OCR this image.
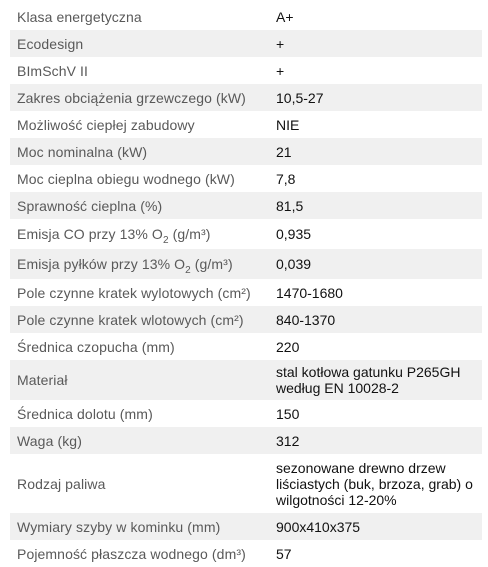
Klasa energetyczna	A+
Ecodesign	+
BImSchV II	+
Zakres obciążenia grzewczego (kW)	10,5-27
Możliwość ciepłej zabudowy	NIE
Moc nominalna (kW)	21
Moc cieplna obiegu wodnego (kW)	7,8
Sprawność cieplna (%)	81,5
Emisja CO przy 13% $O_2$ (g/m³)	0,935
Emisja pyłków przy 13% $O_2$ (g/m³)	0,039
Pole czynne kratek wylotowych (cm²)	1470-1680
Pole czynne kratek wlotowych (cm²)	840-1370
Średnica czopucha (mm)	220
Materiał	stal kotłowa gatunku P265GH według EN 10028-2
Średnica dolotu (mm)	150
Waga (kg)	312
Rodzaj paliwa	sezonowane drewno drzew liściastych (buk, brzoza, grab) o wilgotności 12-20%
Wymiary szyby w kominku (mm)	900x410x375
Pojemność płaszcza wodnego (dm³)	57
